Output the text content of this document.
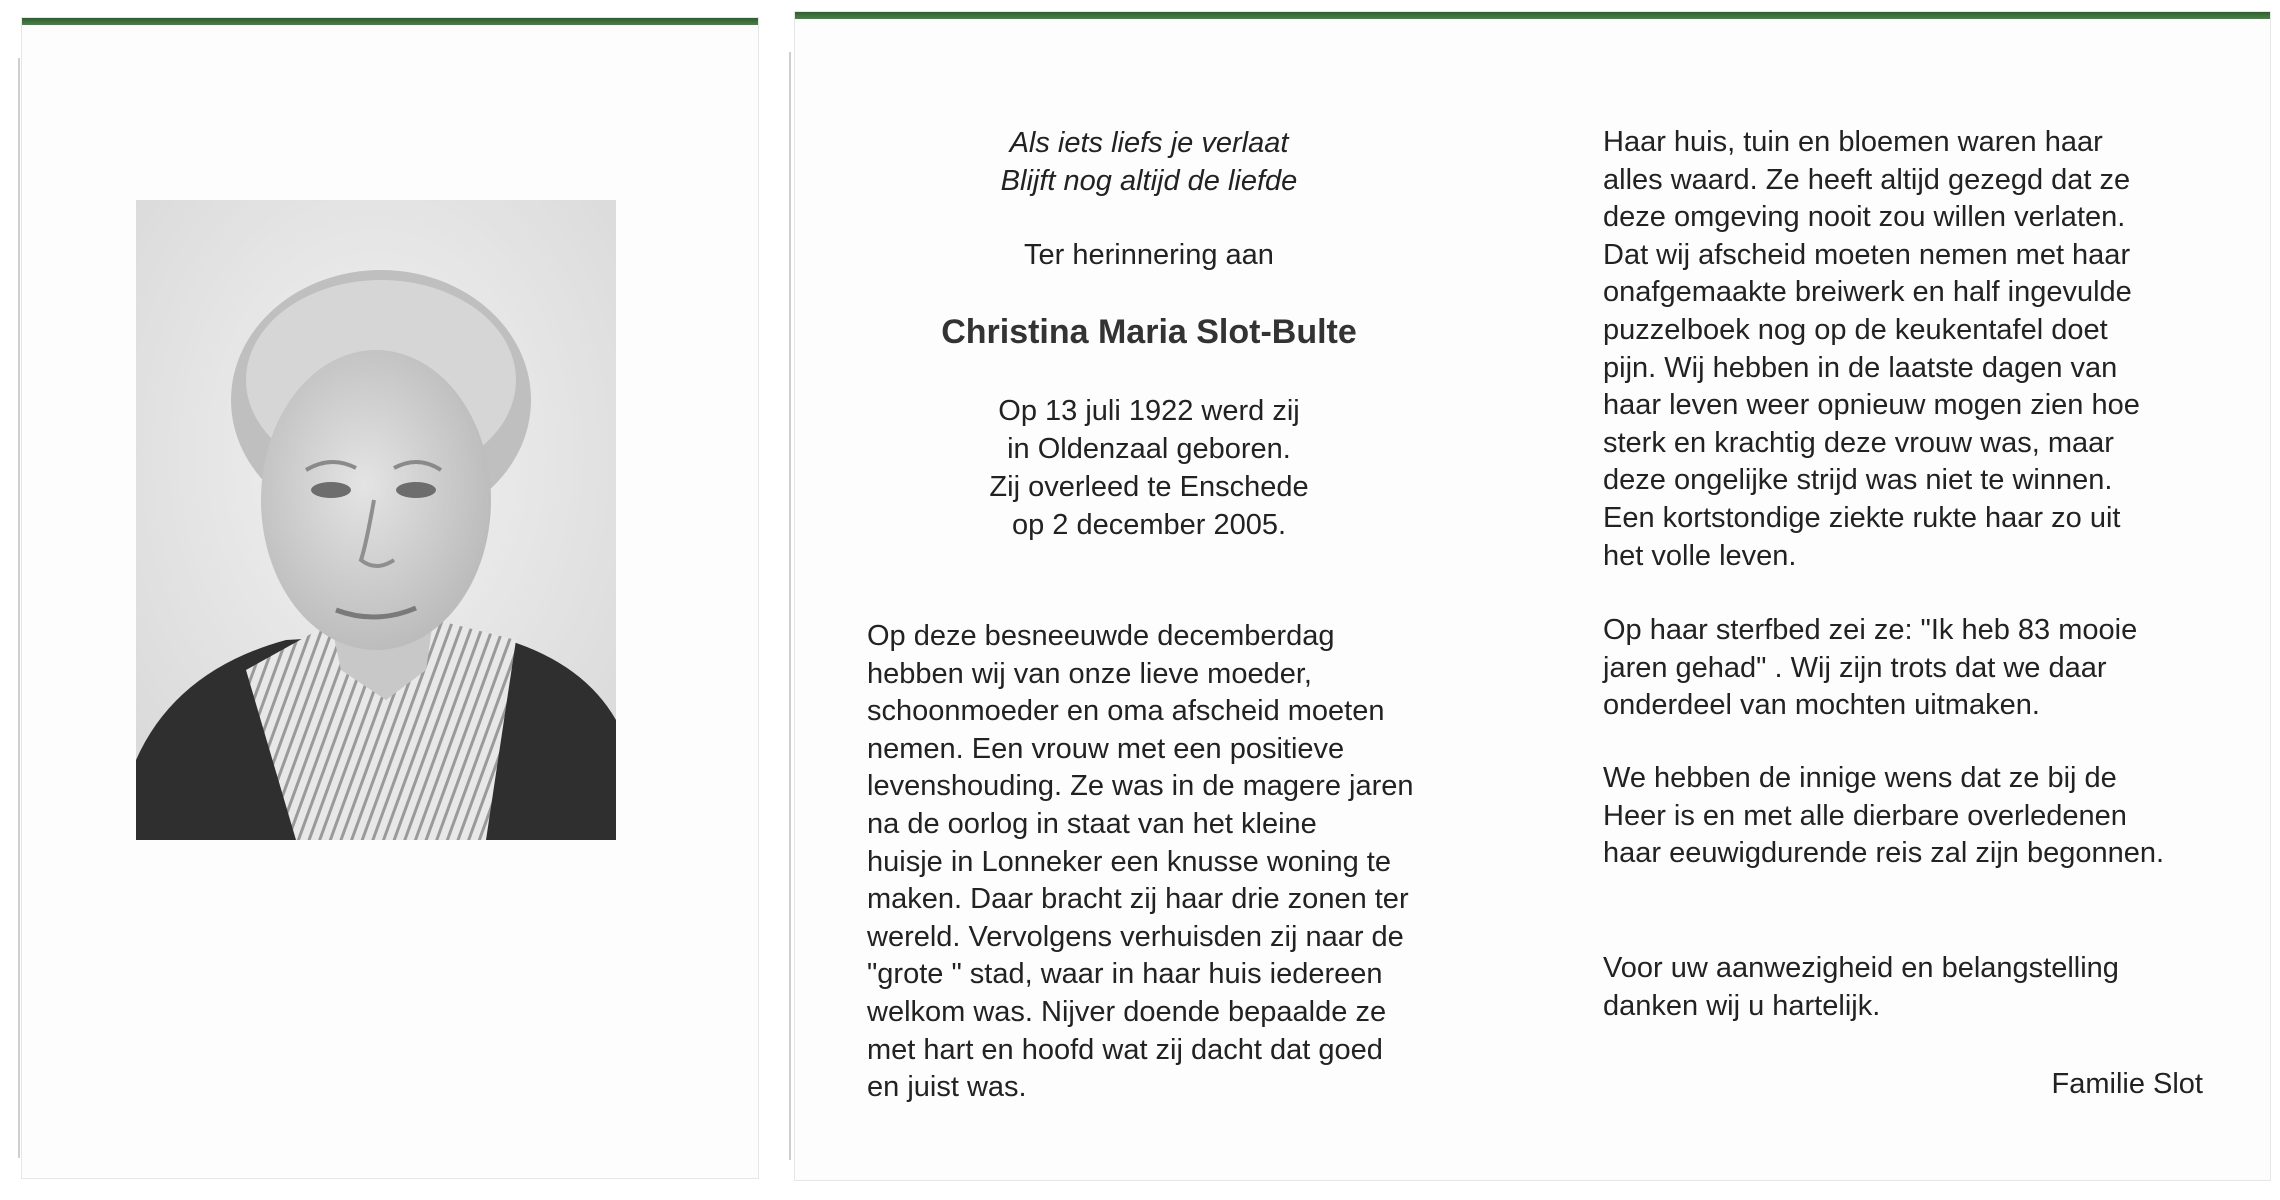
Als iets liefs je verlaat
Blijft nog altijd de liefde
Ter herinnering aan
Christina Maria Slot-Bulte
Op 13 juli 1922 werd zij
in Oldenzaal geboren.
Zij overleed te Enschede
op 2 december 2005.

Op deze besneeuwde decemberdag
hebben wij van onze lieve moeder,
schoonmoeder en oma afscheid moeten
nemen. Een vrouw met een positieve
levenshouding. Ze was in de magere jaren
na de oorlog in staat van het kleine
huisje in Lonneker een knusse woning te
maken. Daar bracht zij haar drie zonen ter
wereld. Vervolgens verhuisden zij naar de
"grote " stad, waar in haar huis iedereen
welkom was. Nijver doende bepaalde ze
met hart en hoofd wat zij dacht dat goed
en juist was.

Haar huis, tuin en bloemen waren haar
alles waard. Ze heeft altijd gezegd dat ze
deze omgeving nooit zou willen verlaten.
Dat wij afscheid moeten nemen met haar
onafgemaakte breiwerk en half ingevulde
puzzelboek nog op de keukentafel doet
pijn. Wij hebben in de laatste dagen van
haar leven weer opnieuw mogen zien hoe
sterk en krachtig deze vrouw was, maar
deze ongelijke strijd was niet te winnen.
Een kortstondige ziekte rukte haar zo uit
het volle leven.

Op haar sterfbed zei ze: "Ik heb 83 mooie
jaren gehad" . Wij zijn trots dat we daar
onderdeel van mochten uitmaken.

We hebben de innige wens dat ze bij de
Heer is en met alle dierbare overledenen
haar eeuwigdurende reis zal zijn begonnen.

Voor uw aanwezigheid en belangstelling
danken wij u hartelijk.

Familie Slot
